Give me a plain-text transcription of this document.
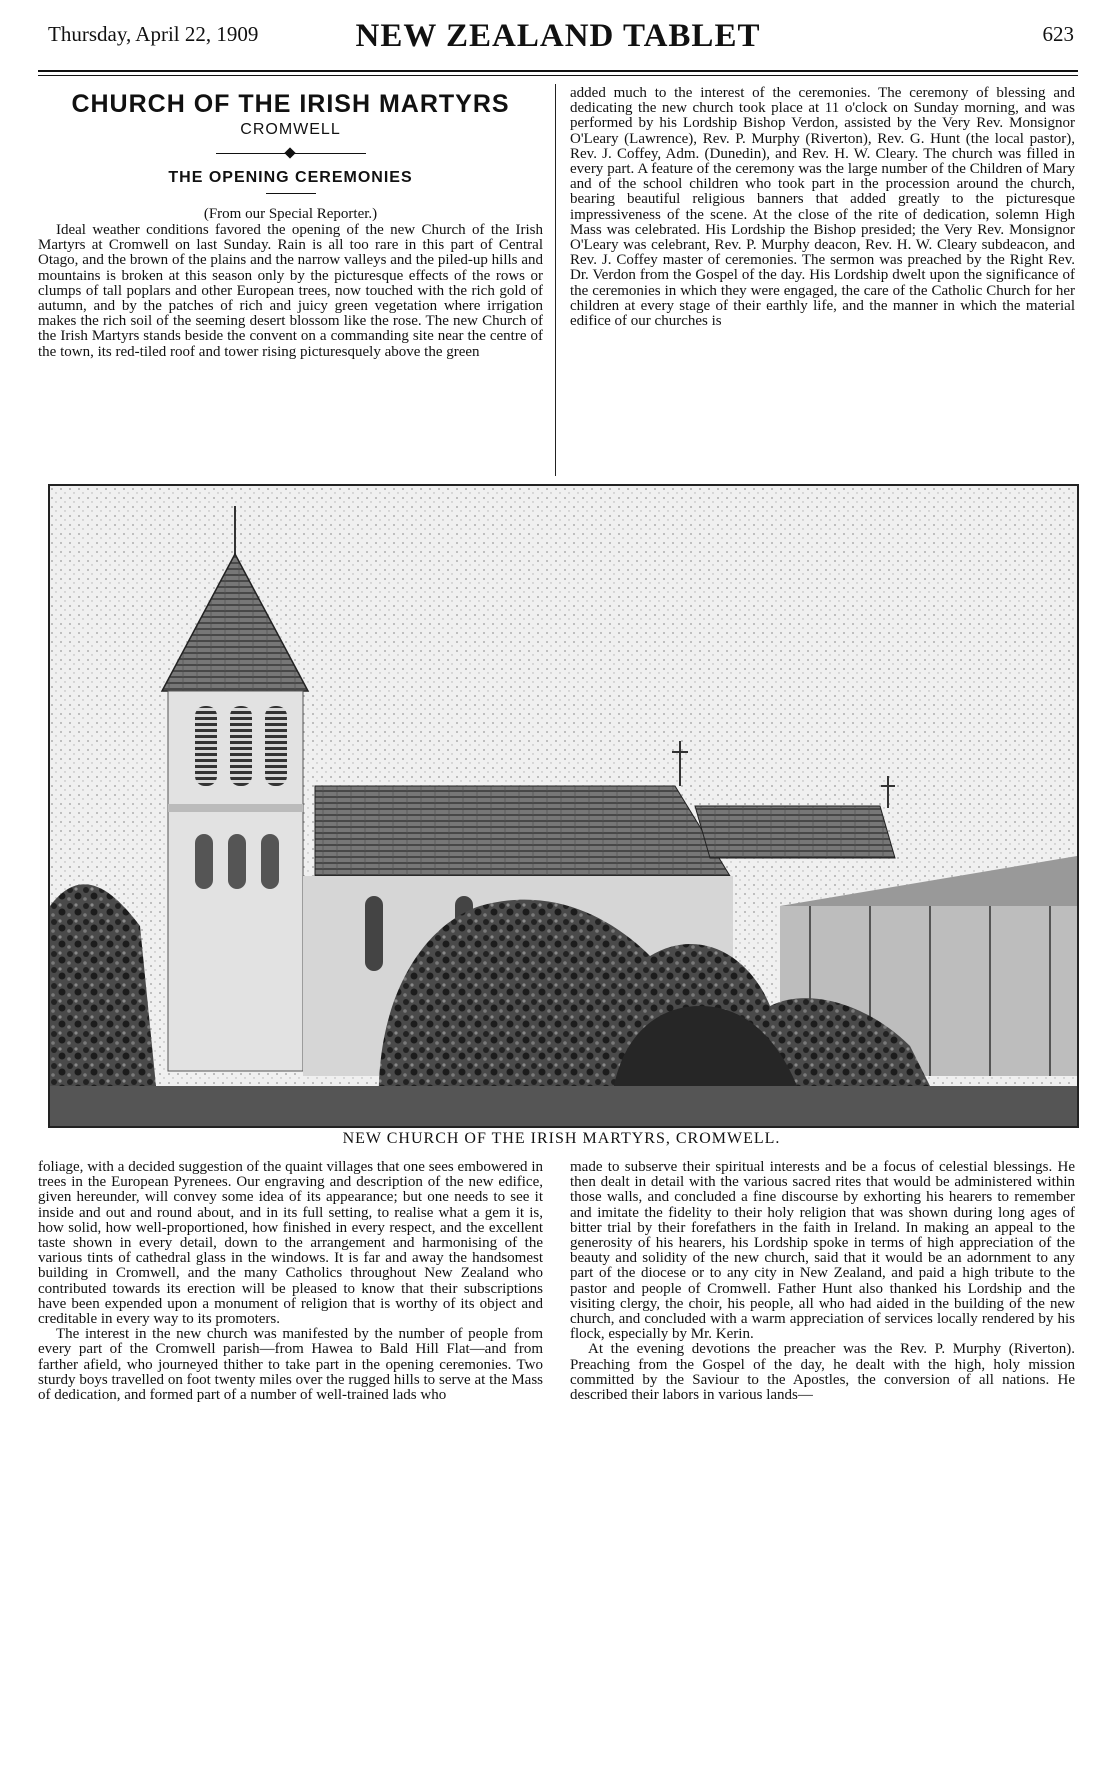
Thursday, April 22, 1909	NEW ZEALAND TABLET	623
CHURCH OF THE IRISH MARTYRS
CROMWELL
THE OPENING CEREMONIES
(From our Special Reporter.)

Ideal weather conditions favored the opening of the new Church of the Irish Martyrs at Cromwell on last Sunday. Rain is all too rare in this part of Central Otago, and the brown of the plains and the narrow valleys and the piled-up hills and mountains is broken at this season only by the picturesque effects of the rows or clumps of tall poplars and other European trees, now touched with the rich gold of autumn, and by the patches of rich and juicy green vegetation where irrigation makes the rich soil of the seeming desert blossom like the rose. The new Church of the Irish Martyrs stands beside the convent on a commanding site near the centre of the town, its red-tiled roof and tower rising picturesquely above the green

added much to the interest of the ceremonies. The ceremony of blessing and dedicating the new church took place at 11 o'clock on Sunday morning, and was performed by his Lordship Bishop Verdon, assisted by the Very Rev. Monsignor O'Leary (Lawrence), Rev. P. Murphy (Riverton), Rev. G. Hunt (the local pastor), Rev. J. Coffey, Adm. (Dunedin), and Rev. H. W. Cleary. The church was filled in every part. A feature of the ceremony was the large number of the Children of Mary and of the school children who took part in the procession around the church, bearing beautiful religious banners that added greatly to the picturesque impressiveness of the scene. At the close of the rite of dedication, solemn High Mass was celebrated. His Lordship the Bishop presided; the Very Rev. Monsignor O'Leary was celebrant, Rev. P. Murphy deacon, Rev. H. W. Cleary subdeacon, and Rev. J. Coffey master of ceremonies. The sermon was preached by the Right Rev. Dr. Verdon from the Gospel of the day. His Lordship dwelt upon the significance of the ceremonies in which they were engaged, the care of the Catholic Church for her children at every stage of their earthly life, and the manner in which the material edifice of our churches is

NEW CHURCH OF THE IRISH MARTYRS, CROMWELL.

foliage, with a decided suggestion of the quaint villages that one sees embowered in trees in the European Pyrenees. Our engraving and description of the new edifice, given hereunder, will convey some idea of its appearance; but one needs to see it inside and out and round about, and in its full setting, to realise what a gem it is, how solid, how well-proportioned, how finished in every respect, and the excellent taste shown in every detail, down to the arrangement and harmonising of the various tints of cathedral glass in the windows. It is far and away the handsomest building in Cromwell, and the many Catholics throughout New Zealand who contributed towards its erection will be pleased to know that their subscriptions have been expended upon a monument of religion that is worthy of its object and creditable in every way to its promoters.

The interest in the new church was manifested by the number of people from every part of the Cromwell parish—from Hawea to Bald Hill Flat—and from farther afield, who journeyed thither to take part in the opening ceremonies. Two sturdy boys travelled on foot twenty miles over the rugged hills to serve at the Mass of dedication, and formed part of a number of well-trained lads who

made to subserve their spiritual interests and be a focus of celestial blessings. He then dealt in detail with the various sacred rites that would be administered within those walls, and concluded a fine discourse by exhorting his hearers to remember and imitate the fidelity to their holy religion that was shown during long ages of bitter trial by their forefathers in the faith in Ireland. In making an appeal to the generosity of his hearers, his Lordship spoke in terms of high appreciation of the beauty and solidity of the new church, said that it would be an adornment to any part of the diocese or to any city in New Zealand, and paid a high tribute to the pastor and people of Cromwell. Father Hunt also thanked his Lordship and the visiting clergy, the choir, his people, all who had aided in the building of the new church, and concluded with a warm appreciation of services locally rendered by his flock, especially by Mr. Kerin.

At the evening devotions the preacher was the Rev. P. Murphy (Riverton). Preaching from the Gospel of the day, he dealt with the high, holy mission committed by the Saviour to the Apostles, the conversion of all nations. He described their labors in various lands—
